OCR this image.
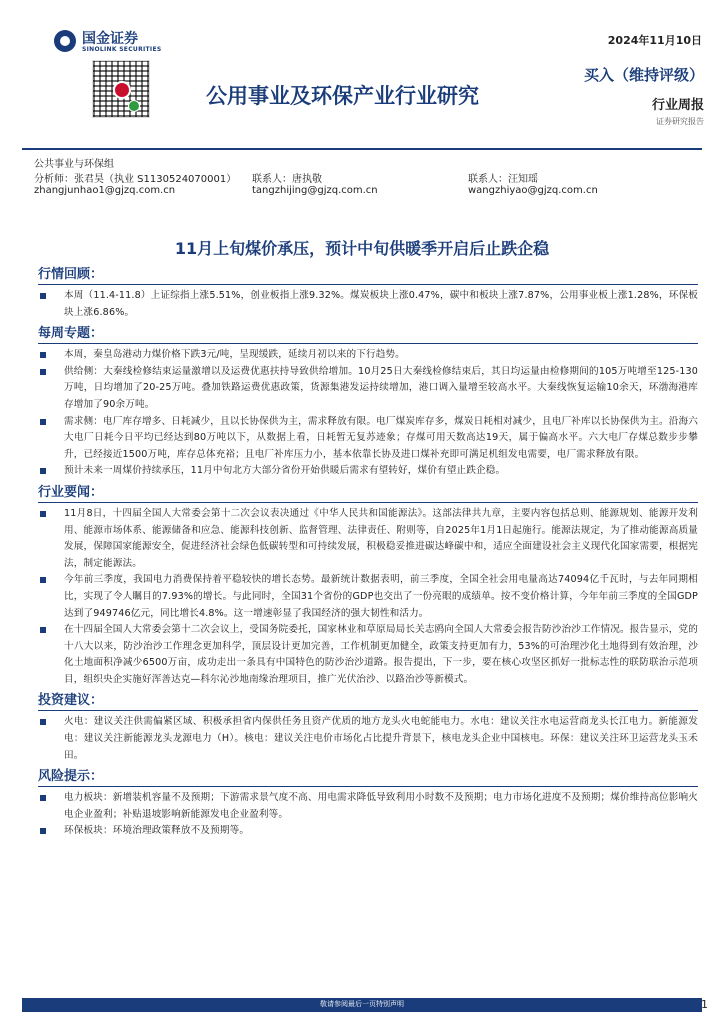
国金证券
SINOLINK SECURITIES
2024年11月10日
公用事业及环保产业行业研究
买入（维持评级）
行业周报
证券研究报告
公共事业与环保组
分析师：张君昊（执业 S1130524070001）
zhangjunhao1@gjzq.com.cn
联系人：唐执敬
tangzhijing@gjzq.com.cn
联系人：汪知瑶
wangzhiyao@gjzq.com.cn
11月上旬煤价承压，预计中旬供暖季开启后止跌企稳
行情回顾：
本周（11.4-11.8）上证综指上涨5.51%，创业板指上涨9.32%。煤炭板块上涨0.47%，碳中和板块上涨7.87%，公用事业板上涨1.28%，环保板块上涨6.86%。
每周专题：
本周，秦皇岛港动力煤价格下跌3元/吨，呈现缓跌，延续月初以来的下行趋势。
供给侧：大秦线检修结束运量激增以及运费优惠扶持导致供给增加。10月25日大秦线检修结束后，其日均运量由检修期间的105万吨增至125-130万吨，日均增加了20-25万吨。叠加铁路运费优惠政策，货源集港发运持续增加，港口调入量增至较高水平。大秦线恢复运输10余天，环渤海港库存增加了90余万吨。
需求侧：电厂库存增多、日耗减少，且以长协保供为主，需求释放有限。电厂煤炭库存多，煤炭日耗相对减少，且电厂补库以长协保供为主。沿海六大电厂日耗今日平均已经达到80万吨以下，从数据上看，日耗暂无复苏迹象；存煤可用天数高达19天，属于偏高水平。六大电厂存煤总数步步攀升，已经接近1500万吨，库存总体充裕；且电厂补库压力小，基本依靠长协及进口煤补充即可满足机组发电需要，电厂需求释放有限。
预计未来一周煤价持续承压，11月中旬北方大部分省份开始供暖后需求有望转好，煤价有望止跌企稳。
行业要闻：
11月8日，十四届全国人大常委会第十二次会议表决通过《中华人民共和国能源法》。这部法律共九章，主要内容包括总则、能源规划、能源开发利用、能源市场体系、能源储备和应急、能源科技创新、监督管理、法律责任、附则等，自2025年1月1日起施行。能源法规定，为了推动能源高质量发展，保障国家能源安全，促进经济社会绿色低碳转型和可持续发展，积极稳妥推进碳达峰碳中和，适应全面建设社会主义现代化国家需要，根据宪法，制定能源法。
今年前三季度，我国电力消费保持着平稳较快的增长态势。最新统计数据表明，前三季度，全国全社会用电量高达74094亿千瓦时，与去年同期相比，实现了令人瞩目的7.93%的增长。与此同时，全国31个省份的GDP也交出了一份亮眼的成绩单。按不变价格计算，今年年前三季度的全国GDP达到了949746亿元，同比增长4.8%。这一增速彰显了我国经济的强大韧性和活力。
在十四届全国人大常委会第十二次会议上，受国务院委托，国家林业和草原局局长关志鸥向全国人大常委会报告防沙治沙工作情况。报告显示，党的十八大以来，防沙治沙工作理念更加科学，顶层设计更加完善，工作机制更加健全，政策支持更加有力，53%的可治理沙化土地得到有效治理，沙化土地面积净减少6500万亩，成功走出一条具有中国特色的防沙治沙道路。报告提出，下一步，要在核心攻坚区抓好一批标志性的联防联治示范项目，组织央企实施好浑善达克—科尔沁沙地南缘治理项目，推广光伏治沙、以路治沙等新模式。
投资建议：
火电：建议关注供需偏紧区域、积极承担省内保供任务且资产优质的地方龙头火电蛇能电力。水电：建议关注水电运营商龙头长江电力。新能源发电：建议关注新能源龙头龙源电力（H）。核电：建议关注电价市场化占比提升背景下，核电龙头企业中国核电。环保：建议关注环卫运营龙头玉禾田。
风险提示：
电力板块：新增装机容量不及预期；下游需求景气度不高、用电需求降低导致利用小时数不及预期；电力市场化进度不及预期；煤价维持高位影响火电企业盈利；补贴退坡影响新能源发电企业盈利等。
环保板块：环境治理政策释放不及预期等。
敬请参阅最后一页特别声明	1
